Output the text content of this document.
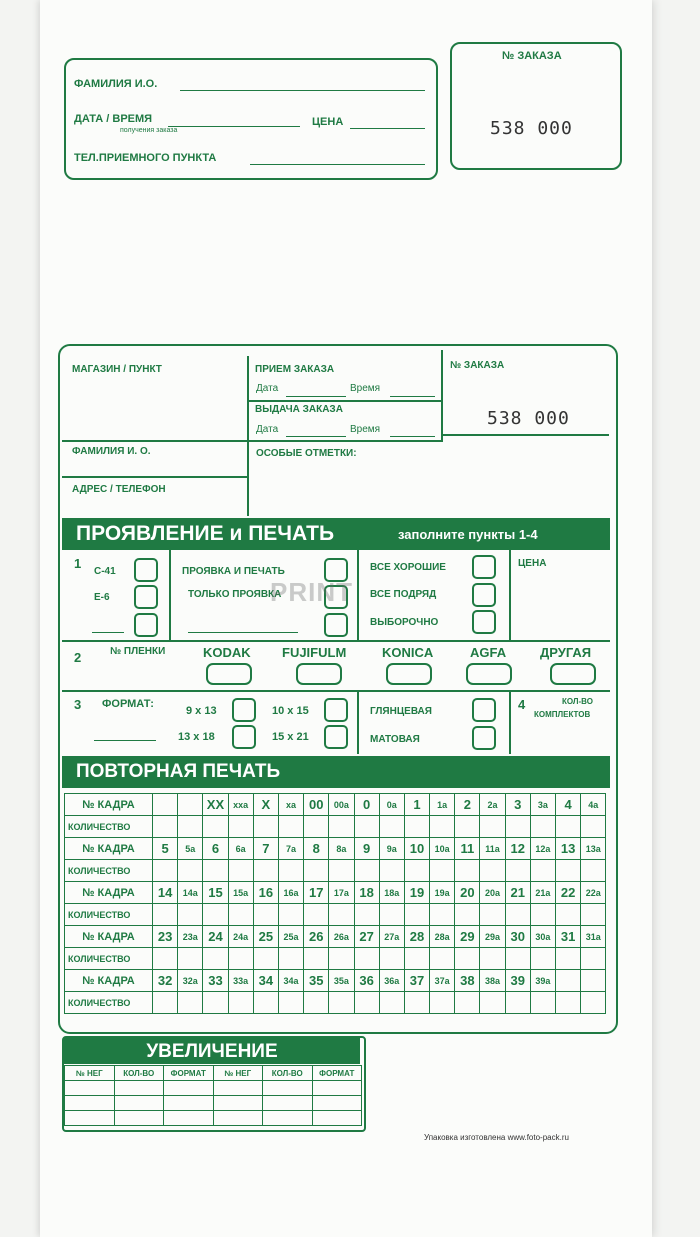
ФАМИЛИЯ И.О.
ДАТА / ВРЕМЯ
получения заказа
ЦЕНА
ТЕЛ.ПРИЕМНОГО ПУНКТА
№ ЗАКАЗА
538 000
МАГАЗИН / ПУНКТ	ПРИЕМ ЗАКАЗА
Дата	Время
ВЫДАЧА ЗАКАЗА
Дата	Время
№ ЗАКАЗА
538 000
ФАМИЛИЯ И. О.	ОСОБЫЕ ОТМЕТКИ:
АДРЕС / ТЕЛЕФОН
ПРОЯВЛЕНИЕ и ПЕЧАТЬ	заполните пункты 1-4
1
С-41
Е-6
ПРОЯВКА И ПЕЧАТЬ
ТОЛЬКО ПРОЯВКА
PRINT
ВСЕ ХОРОШИЕ
ВСЕ ПОДРЯД
ВЫБОРОЧНО
ЦЕНА
2	№ ПЛЕНКИ	KODAK FUJIFULM	KONICA	AGFA	ДРУГАЯ
3 ФОРМАТ:
9 х 13	10 х 15
13 х 18	15 х 21
ГЛЯНЦЕВАЯ
МАТОВАЯ
4	КОЛ-ВО
КОМПЛЕКТОВ
ПОВТОРНАЯ ПЕЧАТЬ
№ КАДРА			ХХ	ххa	Х	хa	00	00a	0	0a	1	1a	2	2a	3	3a	4	4a
КОЛИЧЕСТВО																		
№ КАДРА	5	5a	6	6a	7	7a	8	8a	9	9a	10	10a	11	11a	12	12a	13	13a
КОЛИЧЕСТВО																		
№ КАДРА	14	14a	15	15a	16	16a	17	17a	18	18a	19	19a	20	20a	21	21a	22	22a
КОЛИЧЕСТВО																		
№ КАДРА	23	23a	24	24a	25	25a	26	26a	27	27a	28	28a	29	29a	30	30a	31	31a
КОЛИЧЕСТВО																		
№ КАДРА	32	32a	33	33a	34	34a	35	35a	36	36a	37	37a	38	38a	39	39a		
КОЛИЧЕСТВО																		
УВЕЛИЧЕНИЕ
№ НЕГ	КОЛ-ВО	ФОРМАТ	№ НЕГ	КОЛ-ВО	ФОРМАТ

Упаковка изготовлена www.foto-pack.ru
